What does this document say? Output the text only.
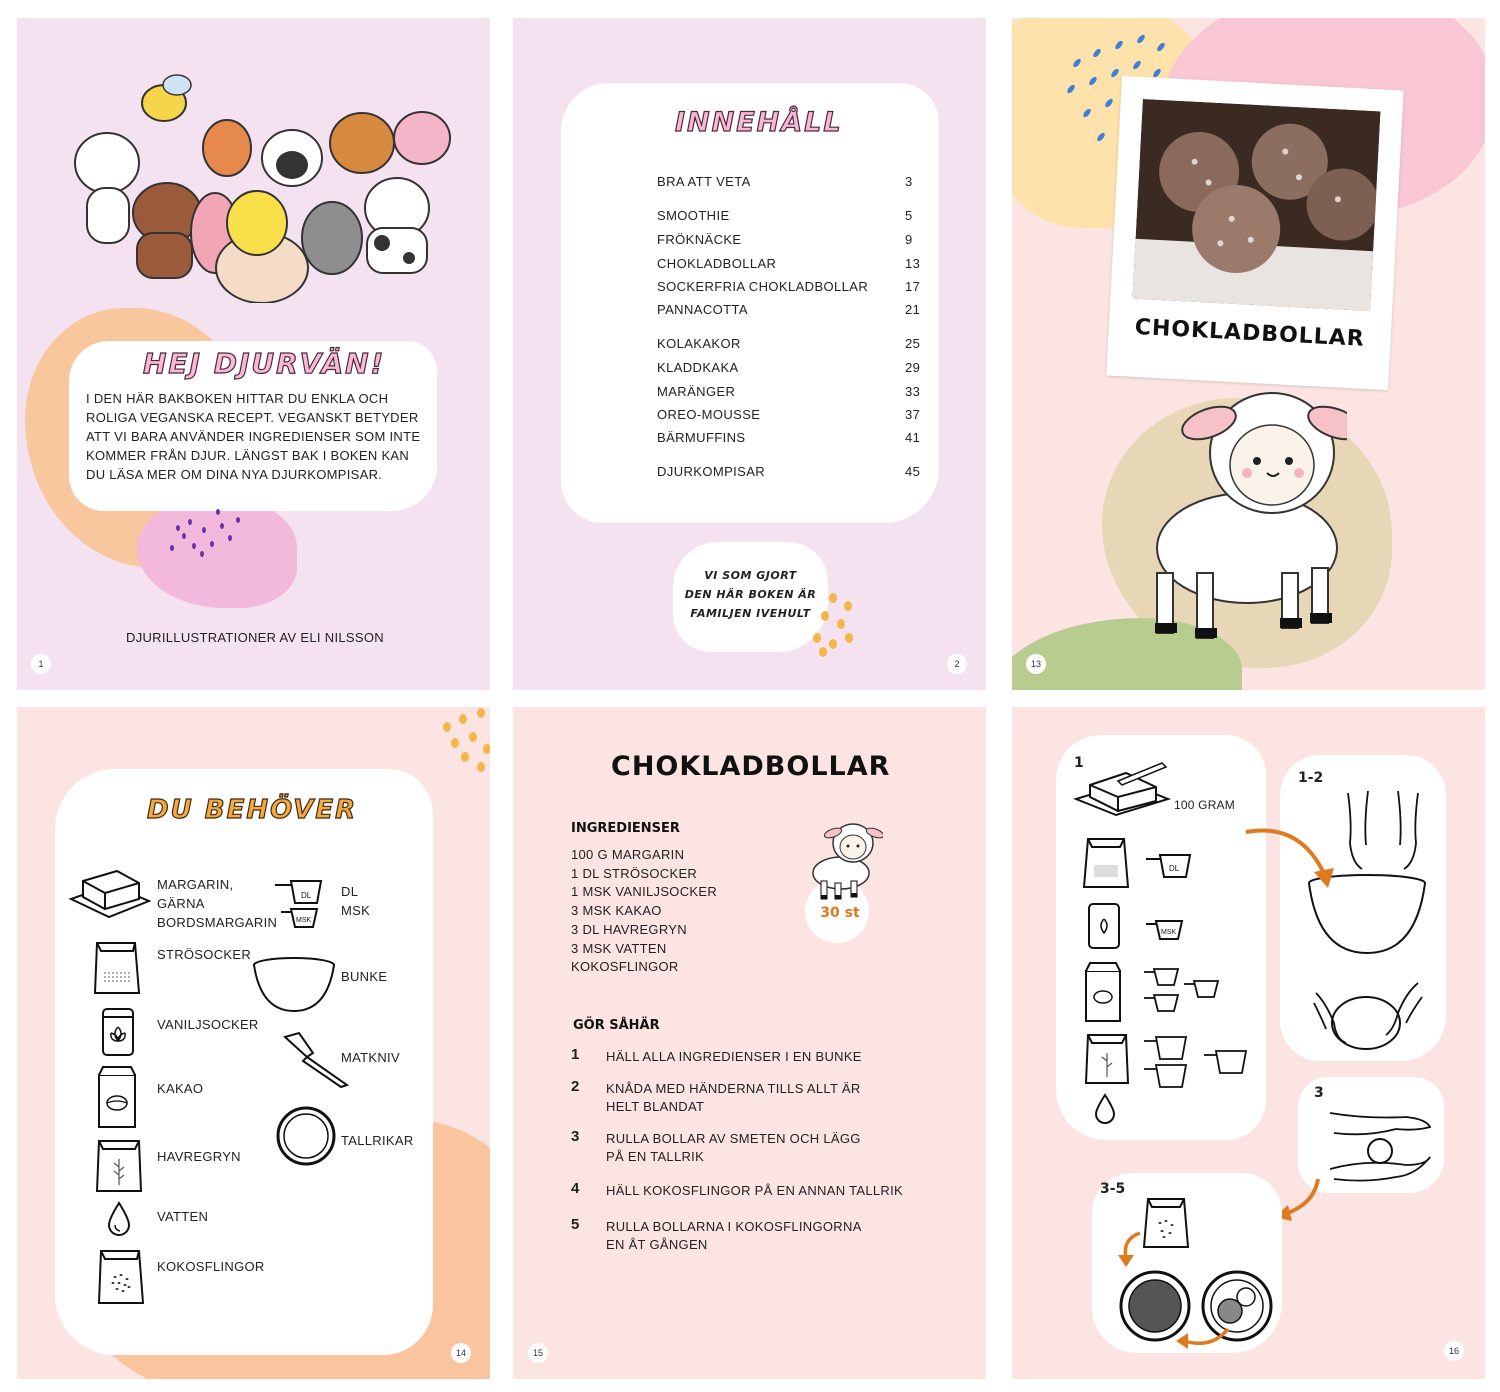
HEJ DJURVÄN!
I DEN HÄR BAKBOKEN HITTAR DU ENKLA OCH ROLIGA VEGANSKA RECEPT. VEGANSKT BETYDER ATT VI BARA ANVÄNDER INGREDIENSER SOM INTE KOMMER FRÅN DJUR. LÄNGST BAK I BOKEN KAN DU LÄSA MER OM DINA NYA DJURKOMPISAR.
DJURILLUSTRATIONER AV ELI NILSSON
1
INNEHÅLL
BRA ATT VETA	3
SMOOTHIE	5
FRÖKNÄCKE	9
CHOKLADBOLLAR	13
SOCKERFRIA CHOKLADBOLLAR	17
PANNACOTTA	21
KOLAKAKOR	25
KLADDKAKA	29
MARÄNGER	33
OREO-MOUSSE	37
BÄRMUFFINS	41
DJURKOMPISAR	45
VI SOM GJORT
DEN HÄR BOKEN ÄR
FAMILJEN IVEHULT
2
CHOKLADBOLLAR
13
DU BEHÖVER
MARGARIN,
GÄRNA
BORDSMARGARIN
DL
MSK
DL
MSK
STRÖSOCKER
BUNKE
VANILJSOCKER
MATKNIV
KAKAO
TALLRIKAR
HAVREGRYN
VATTEN
KOKOSFLINGOR
14
CHOKLADBOLLAR
INGREDIENSER
100 G MARGARIN
1 DL STRÖSOCKER
1 MSK VANILJSOCKER
3 MSK KAKAO
3 DL HAVREGRYN
3 MSK VATTEN
KOKOSFLINGOR
30 st
GÖR SÅHÄR
1 HÄLL ALLA INGREDIENSER I EN BUNKE
2 KNÅDA MED HÄNDERNA TILLS ALLT ÄR
HELT BLANDAT
3 RULLA BOLLAR AV SMETEN OCH LÄGG
PÅ EN TALLRIK
4 HÄLL KOKOSFLINGOR PÅ EN ANNAN TALLRIK
5 RULLA BOLLARNA I KOKOSFLINGORNA
EN ÅT GÅNGEN
15
1
100 GRAM
DL
MSK
1-2
3
3-5
16
